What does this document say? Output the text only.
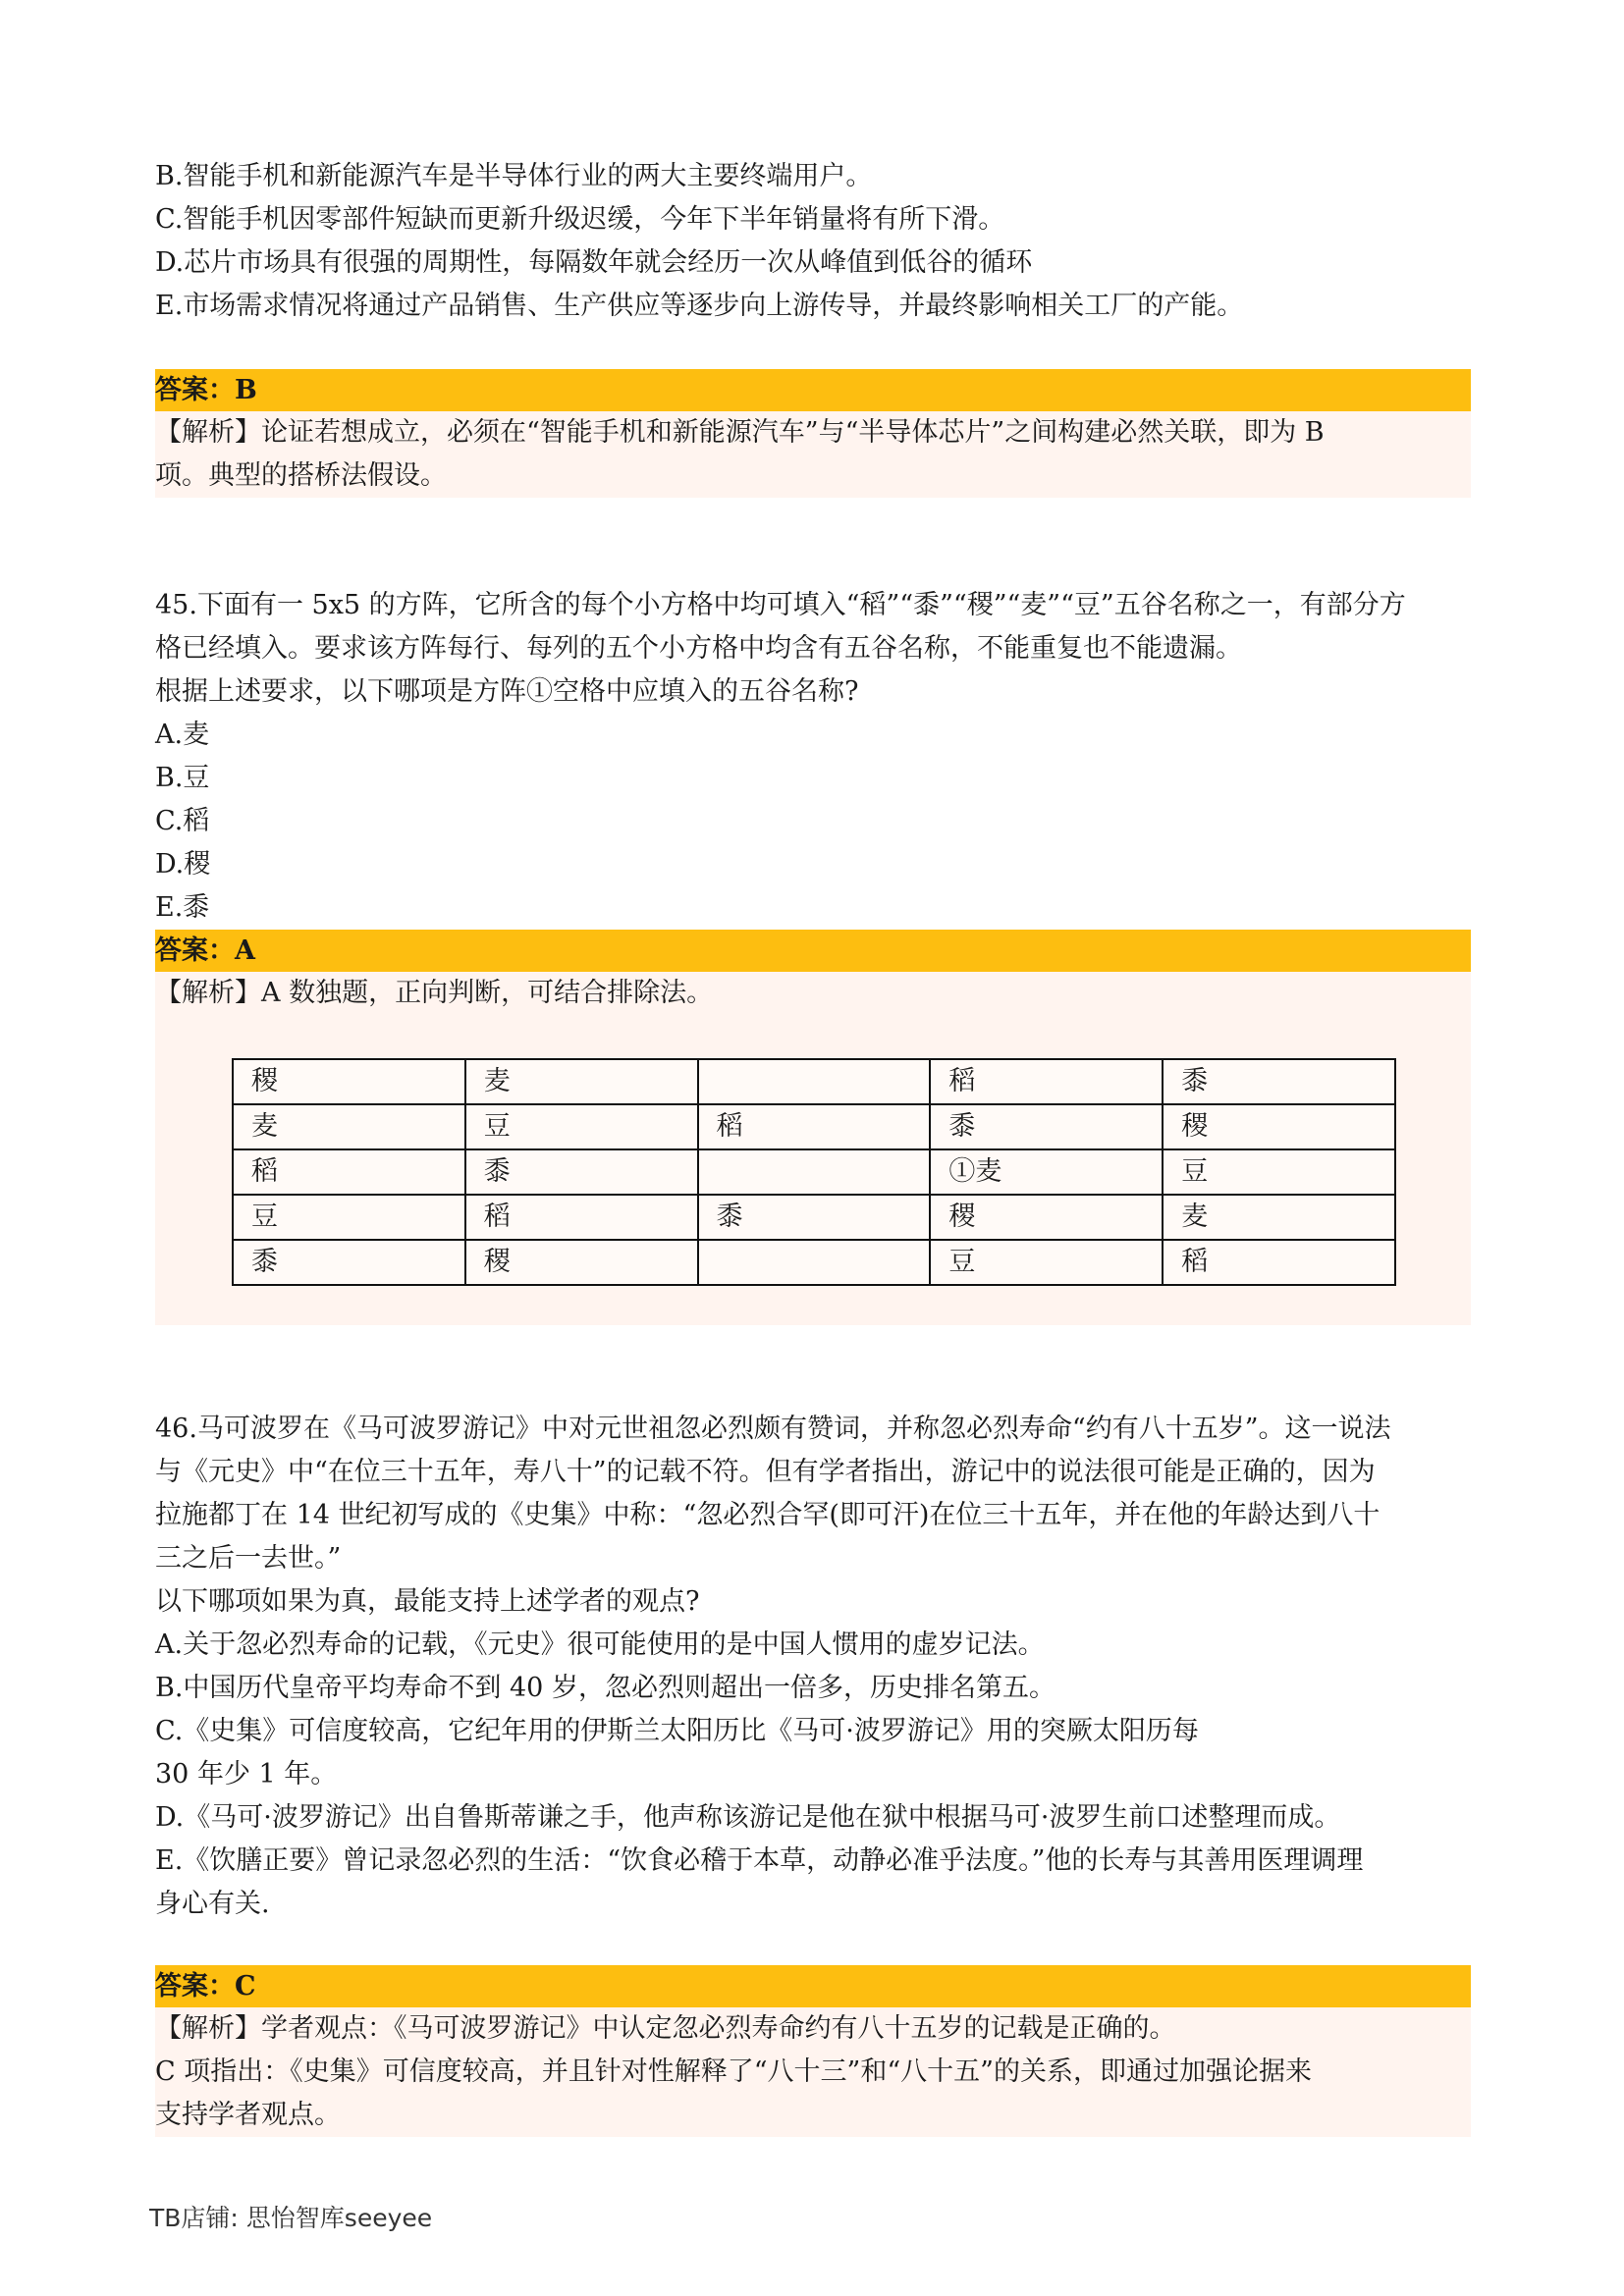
B.智能手机和新能源汽车是半导体行业的两大主要终端用户。
C.智能手机因零部件短缺而更新升级迟缓，今年下半年销量将有所下滑。
D.芯片市场具有很强的周期性，每隔数年就会经历一次从峰值到低谷的循环
E.市场需求情况将通过产品销售、生产供应等逐步向上游传导，并最终影响相关工厂的产能。
答案：B
【解析】论证若想成立，必须在“智能手机和新能源汽车”与“半导体芯片”之间构建必然关联，即为 B
项。典型的搭桥法假设。
45.下面有一 5x5 的方阵，它所含的每个小方格中均可填入“稻”“黍”“稷”“麦”“豆”五谷名称之一，有部分方
格已经填入。要求该方阵每行、每列的五个小方格中均含有五谷名称，不能重复也不能遗漏。
根据上述要求，以下哪项是方阵①空格中应填入的五谷名称?
A.麦
B.豆
C.稻
D.稷
E.黍
答案：A
【解析】A 数独题，正向判断，可结合排除法。
稷	麦		稻	黍
麦	豆	稻	黍	稷
稻	黍		①麦	豆
豆	稻	黍	稷	麦
黍	稷		豆	稻
46.马可波罗在《马可波罗游记》中对元世祖忽必烈颇有赞词，并称忽必烈寿命“约有八十五岁”。这一说法
与《元史》中“在位三十五年，寿八十”的记载不符。但有学者指出，游记中的说法很可能是正确的，因为
拉施都丁在 14 世纪初写成的《史集》中称：“忽必烈合罕(即可汗)在位三十五年，并在他的年龄达到八十
三之后一去世。”
以下哪项如果为真，最能支持上述学者的观点?
A.关于忽必烈寿命的记载，《元史》很可能使用的是中国人惯用的虚岁记法。
B.中国历代皇帝平均寿命不到 40 岁，忽必烈则超出一倍多，历史排名第五。
C.《史集》可信度较高，它纪年用的伊斯兰太阳历比《马可·波罗游记》用的突厥太阳历每
30 年少 1 年。
D.《马可·波罗游记》出自鲁斯蒂谦之手，他声称该游记是他在狱中根据马可·波罗生前口述整理而成。
E.《饮膳正要》曾记录忽必烈的生活：“饮食必稽于本草，动静必准乎法度。”他的长寿与其善用医理调理
身心有关.
答案：C
【解析】学者观点：《马可波罗游记》中认定忽必烈寿命约有八十五岁的记载是正确的。
C 项指出：《史集》可信度较高，并且针对性解释了“八十三”和“八十五”的关系，即通过加强论据来
支持学者观点。
TB店铺: 思怡智库seeyee
